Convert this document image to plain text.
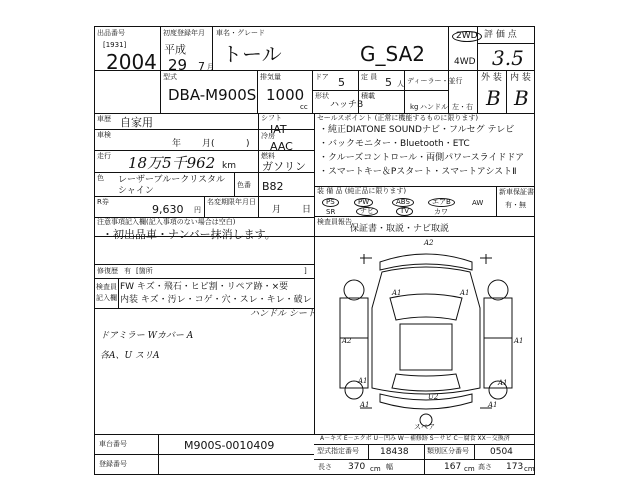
出品番号
[1931]
2004
初度登録年月
平成
29 7 月
車名・グレード
トール	G_SA2
2WD
4WD
評 価 点
3.5
外 装 内 装
B B
型式
DBA-M900S
排気量
1000
cc
ドア 5
形状
ハッチB
定 員 5 人
積載
kg
ディーラー・並行
ハンドル 左・右
車歴 自家用
車検
年 月(	)
走行 18万5千962 km
シフト
IAT
冷房
AAC
燃料
ガソリン
色 レーザーブルークリスタル
シャイン
色番 B82
R券
9,630 円
名変期限年月日
月 日
セールスポイント (正常に機能するものに限ります)
・純正DIATONE SOUNDナビ・フルセグ テレビ
・バックモニター・Bluetooth・ETC
・クルーズコントロール・両側パワースライドドア
・スマートキー＆Pスタート・スマートアシストⅡ
装 備 品 (純正品に限ります)
PS	PW	ABS	エアB	AW
SR	ナビ	TV	カワ
新車保証書
有・無
注意事項記入欄(記入事項のない場合は空白)
・初出品車・ナンバー抹消します。
修復歴 有 [箇所	]
検査員
記入欄
FW キズ・飛石・ヒビ割・リペア跡・×要
内装 キズ・汚レ・コゲ・穴・スレ・キレ・破レ
ハンドル シート
ドアミラー Wカバー A
各A、U スリA
検査員報告
保証書・取説・ナビ取説
A2
A1	A1
A2	A1
A1
U2
A1	A1
A1
スペア
A－キズ E－エクボ U－凹み W－補修跡 S－サビ C－腐食 XX－交換済
車台番号	M900S-0010409
登録番号
型式指定番号 18438	類別区分番号 0504
長さ 370 cm 幅	167 cm 高さ 173 cm
